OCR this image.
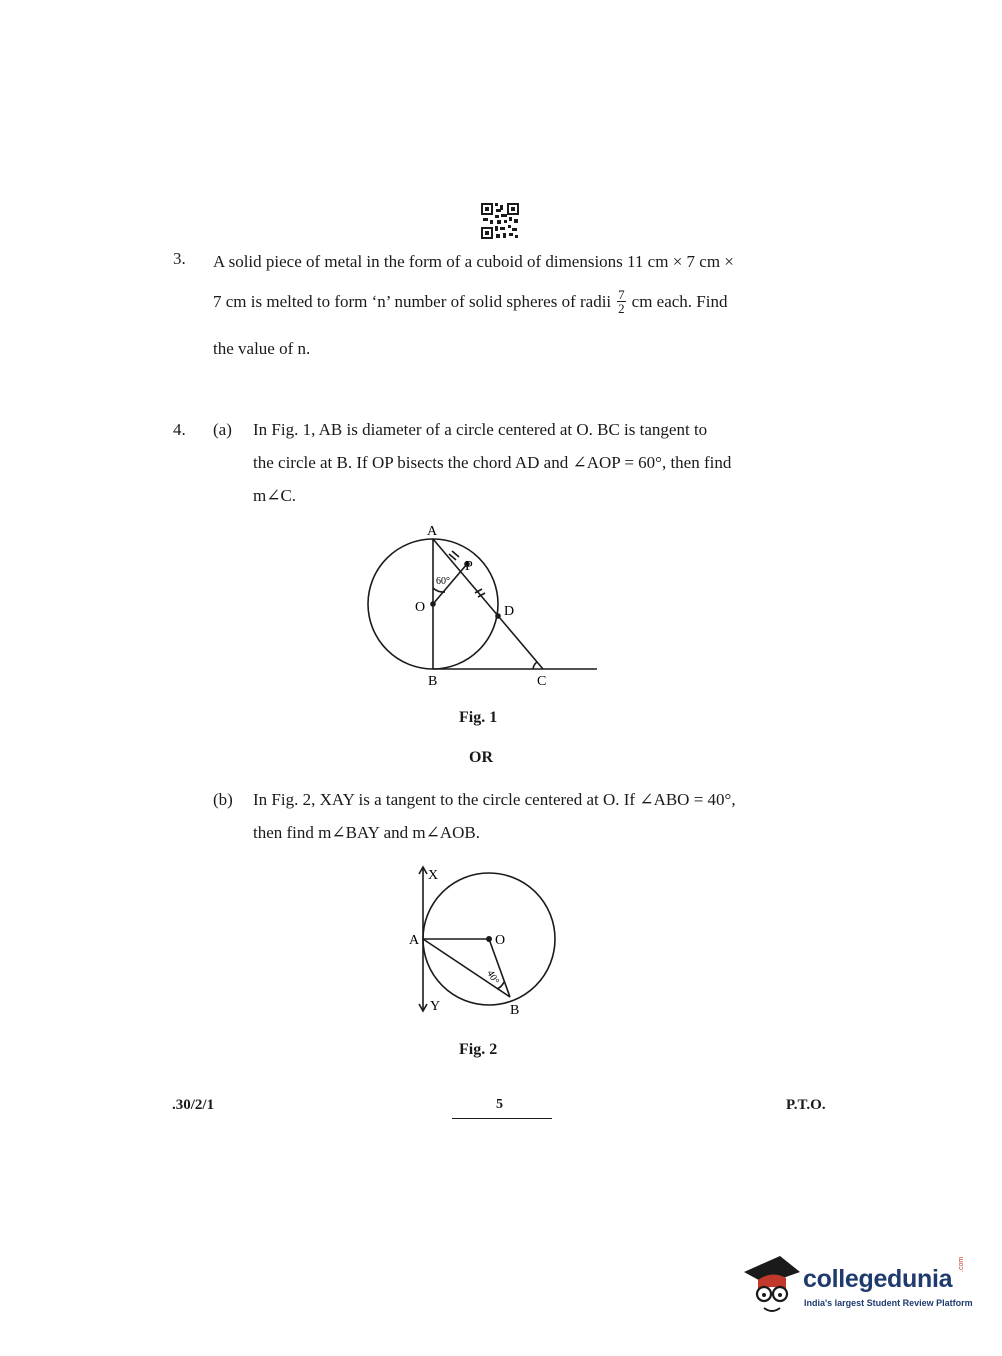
3. A solid piece of metal in the form of a cuboid of dimensions 11 cm × 7 cm ×
7 cm is melted to form ‘n’ number of solid spheres of radii $\frac{7}{2}$ cm each. Find
the value of n.
4. (a) In Fig. 1, AB is diameter of a circle centered at O. BC is tangent to
the circle at B. If OP bisects the chord AD and ∠AOP = 60°, then find
m∠C.
A
P
O	D
B	C
60°
Fig. 1
OR
(b) In Fig. 2, XAY is a tangent to the circle centered at O. If ∠ABO = 40°,
then find m∠BAY and m∠AOB.
X
A	O
Y	B
40°
Fig. 2
.30/2/1	5	P.T.O.
collegedunia
.com
India's largest Student Review Platform
